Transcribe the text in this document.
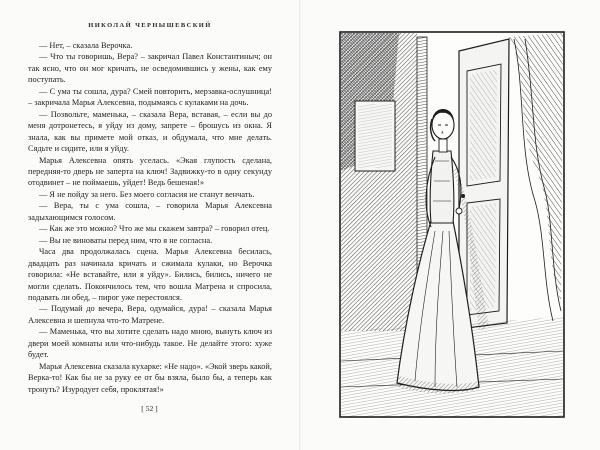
НИКОЛАЙ ЧЕРНЫШЕВСКИЙ

— Нет, – сказала Верочка.

— Что ты говоришь, Вера? – закричал Павел Константиныч; он так ясно, что он мог кричать, не осведомившись у жены, как ему поступать.

— С ума ты сошла, дура? Смей повторить, мерзавка-ослушница! – закричала Марья Алексевна, подымаясь с кулаками на дочь.

— Позвольте, маменька, – сказала Вера, вставая, – если вы до меня дотронетесь, я уйду из дому, запрете – брошусь из окна. Я знала, как вы примете мой отказ, и обдумала, что мне делать. Сядьте и сидите, или я уйду.

Марья Алексевна опять уселась. «Экая глупость сделана, передняя-то дверь не заперта на ключ! Задвижку-то в одну секунду отодвинет – не поймаешь, уйдет! Ведь бешеная!»

— Я не пойду за него. Без моего согласия не станут венчать.

— Вера, ты с ума сошла, – говорила Марья Алексевна задыхающимся голосом.

— Как же это можно? Что же мы скажем завтра? – говорил отец.

— Вы не виноваты перед ним, что я не согласна.

Часа два продолжалась сцена. Марья Алексевна бесилась, двадцать раз начинала кричать и сжимала кулаки, но Верочка говорила: «Не вставайте, или я уйду». Бились, бились, ничего не могли сделать. Покончилось тем, что вошла Матрена и спросила, подавать ли обед, – пирог уже перестоялся.

— Подумай до вечера, Вера, одумайся, дура! – сказала Марья Алексевна и шепнула что-то Матрене.

— Маменька, что вы хотите сделать надо мною, вынуть ключ из двери моей комнаты или что-нибудь такое. Не делайте этого: хуже будет.

Марья Алексевна сказала кухарке: «Не надо». «Экой зверь какой, Верка-то! Как бы не за руку ее от бы взяла, было бы, а теперь как тронуть? Изуродует себя, проклятая!»

[ 52 ]
